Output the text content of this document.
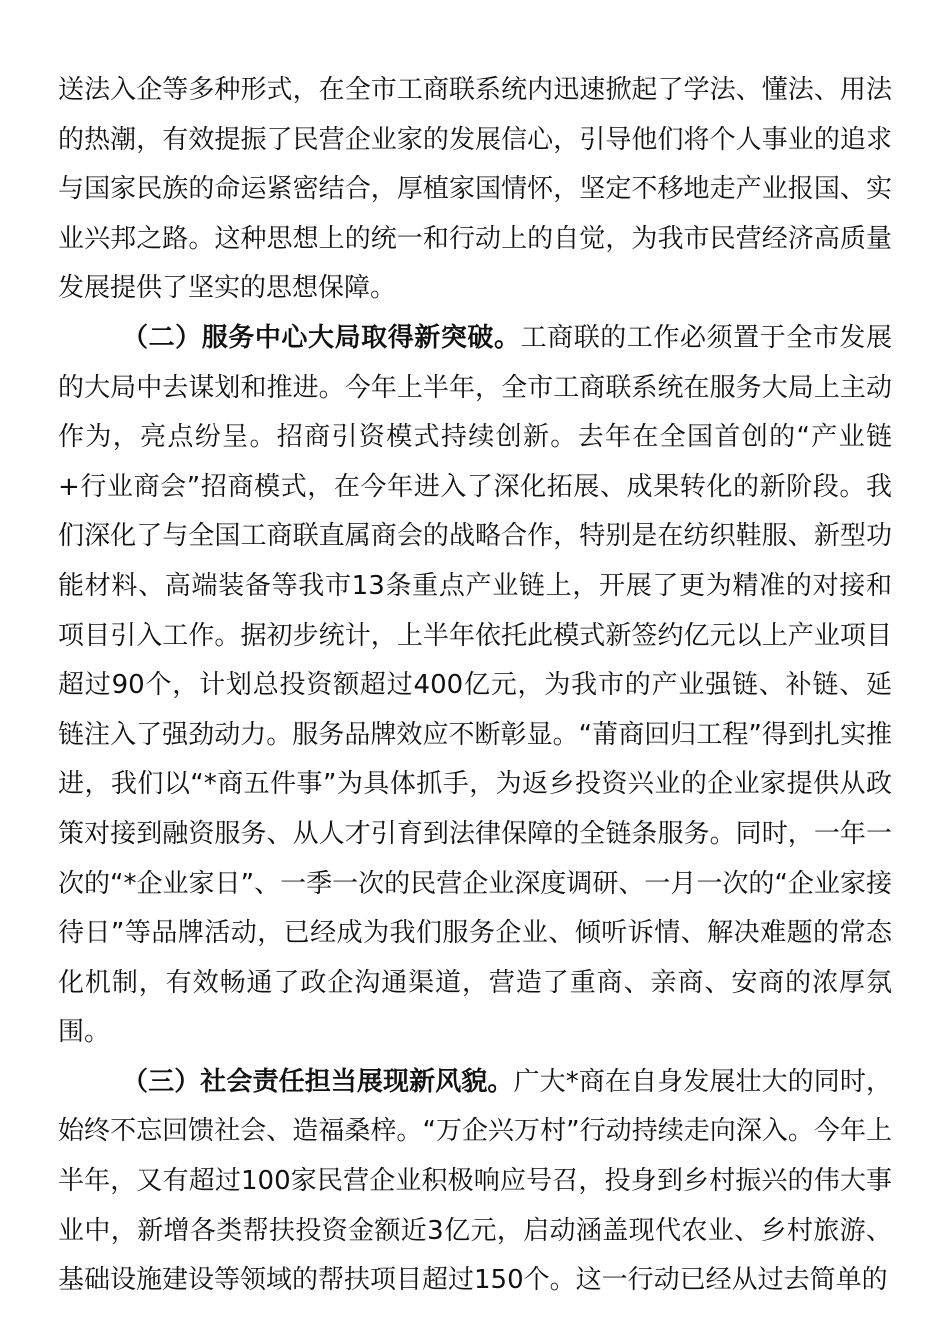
送法入企等多种形式，在全市工商联系统内迅速掀起了学法、懂法、用法的热潮，有效提振了民营企业家的发展信心，引导他们将个人事业的追求与国家民族的命运紧密结合，厚植家国情怀，坚定不移地走产业报国、实业兴邦之路。这种思想上的统一和行动上的自觉，为我市民营经济高质量发展提供了坚实的思想保障。

（二）服务中心大局取得新突破。工商联的工作必须置于全市发展的大局中去谋划和推进。今年上半年，全市工商联系统在服务大局上主动作为，亮点纷呈。招商引资模式持续创新。去年在全国首创的“产业链+行业商会”招商模式，在今年进入了深化拓展、成果转化的新阶段。我们深化了与全国工商联直属商会的战略合作，特别是在纺织鞋服、新型功能材料、高端装备等我市13条重点产业链上，开展了更为精准的对接和项目引入工作。据初步统计，上半年依托此模式新签约亿元以上产业项目超过90个，计划总投资额超过400亿元，为我市的产业强链、补链、延链注入了强劲动力。服务品牌效应不断彰显。“莆商回归工程”得到扎实推进，我们以“*商五件事”为具体抓手，为返乡投资兴业的企业家提供从政策对接到融资服务、从人才引育到法律保障的全链条服务。同时，一年一次的“*企业家日”、一季一次的民营企业深度调研、一月一次的“企业家接待日”等品牌活动，已经成为我们服务企业、倾听诉情、解决难题的常态化机制，有效畅通了政企沟通渠道，营造了重商、亲商、安商的浓厚氛围。

（三）社会责任担当展现新风貌。广大*商在自身发展壮大的同时，始终不忘回馈社会、造福桑梓。“万企兴万村”行动持续走向深入。今年上半年，又有超过100家民营企业积极响应号召，投身到乡村振兴的伟大事业中，新增各类帮扶投资金额近3亿元，启动涵盖现代农业、乡村旅游、基础设施建设等领域的帮扶项目超过150个。这一行动已经从过去简单的
